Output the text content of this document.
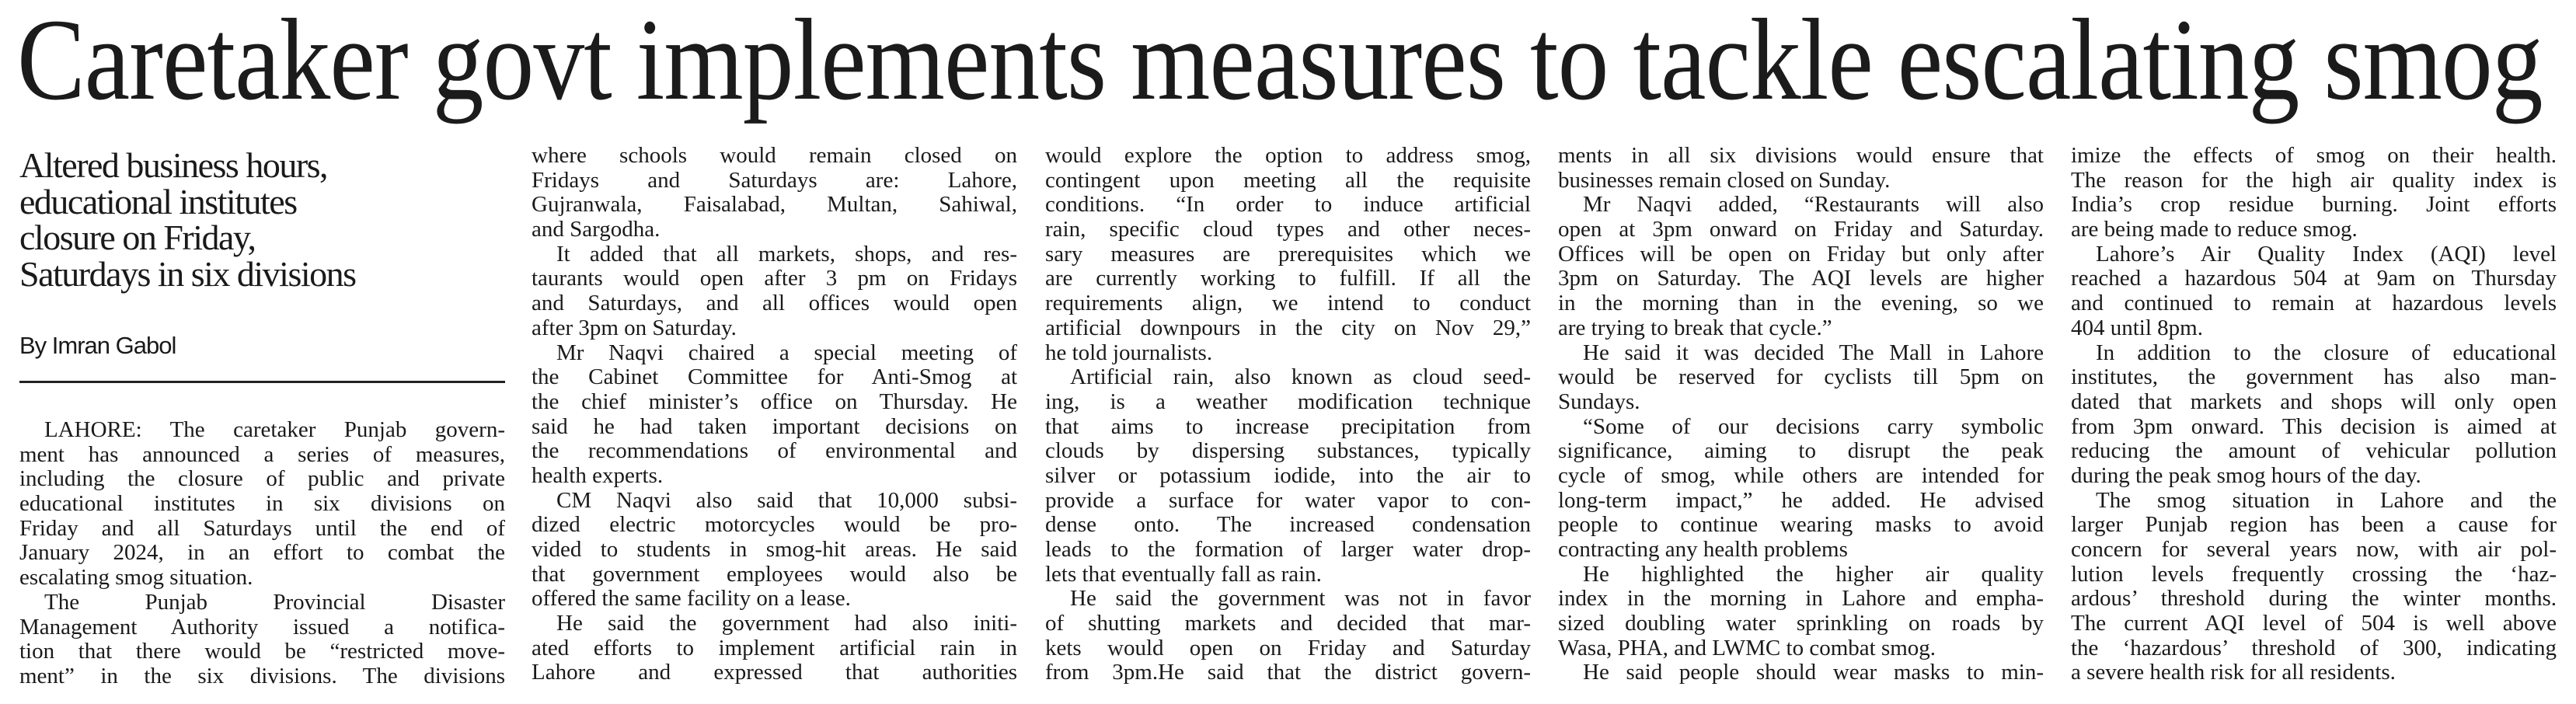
Caretaker govt implements measures to tackle escalating smog
Altered business hours,
educational institutes
closure on Friday,
Saturdays in six divisions
By Imran Gabol
LAHORE: The caretaker Punjab govern-
ment has announced a series of measures,
including the closure of public and private
educational institutes in six divisions on
Friday and all Saturdays until the end of
January 2024, in an effort to combat the
escalating smog situation.
The Punjab Provincial Disaster
Management Authority issued a notifica-
tion that there would be “restricted move-
ment” in the six divisions. The divisions
where schools would remain closed on
Fridays and Saturdays are: Lahore,
Gujranwala, Faisalabad, Multan, Sahiwal,
and Sargodha.
It added that all markets, shops, and res-
taurants would open after 3 pm on Fridays
and Saturdays, and all offices would open
after 3pm on Saturday.
Mr Naqvi chaired a special meeting of
the Cabinet Committee for Anti-Smog at
the chief minister’s office on Thursday. He
said he had taken important decisions on
the recommendations of environmental and
health experts.
CM Naqvi also said that 10,000 subsi-
dized electric motorcycles would be pro-
vided to students in smog-hit areas. He said
that government employees would also be
offered the same facility on a lease.
He said the government had also initi-
ated efforts to implement artificial rain in
Lahore and expressed that authorities
would explore the option to address smog,
contingent upon meeting all the requisite
conditions. “In order to induce artificial
rain, specific cloud types and other neces-
sary measures are prerequisites which we
are currently working to fulfill. If all the
requirements align, we intend to conduct
artificial downpours in the city on Nov 29,”
he told journalists.
Artificial rain, also known as cloud seed-
ing, is a weather modification technique
that aims to increase precipitation from
clouds by dispersing substances, typically
silver or potassium iodide, into the air to
provide a surface for water vapor to con-
dense onto. The increased condensation
leads to the formation of larger water drop-
lets that eventually fall as rain.
He said the government was not in favor
of shutting markets and decided that mar-
kets would open on Friday and Saturday
from 3pm.He said that the district govern-
ments in all six divisions would ensure that
businesses remain closed on Sunday.
Mr Naqvi added, “Restaurants will also
open at 3pm onward on Friday and Saturday.
Offices will be open on Friday but only after
3pm on Saturday. The AQI levels are higher
in the morning than in the evening, so we
are trying to break that cycle.”
He said it was decided The Mall in Lahore
would be reserved for cyclists till 5pm on
Sundays.
“Some of our decisions carry symbolic
significance, aiming to disrupt the peak
cycle of smog, while others are intended for
long-term impact,” he added. He advised
people to continue wearing masks to avoid
contracting any health problems
He highlighted the higher air quality
index in the morning in Lahore and empha-
sized doubling water sprinkling on roads by
Wasa, PHA, and LWMC to combat smog.
He said people should wear masks to min-
imize the effects of smog on their health.
The reason for the high air quality index is
India’s crop residue burning. Joint efforts
are being made to reduce smog.
Lahore’s Air Quality Index (AQI) level
reached a hazardous 504 at 9am on Thursday
and continued to remain at hazardous levels
404 until 8pm.
In addition to the closure of educational
institutes, the government has also man-
dated that markets and shops will only open
from 3pm onward. This decision is aimed at
reducing the amount of vehicular pollution
during the peak smog hours of the day.
The smog situation in Lahore and the
larger Punjab region has been a cause for
concern for several years now, with air pol-
lution levels frequently crossing the ‘haz-
ardous’ threshold during the winter months.
The current AQI level of 504 is well above
the ‘hazardous’ threshold of 300, indicating
a severe health risk for all residents.
